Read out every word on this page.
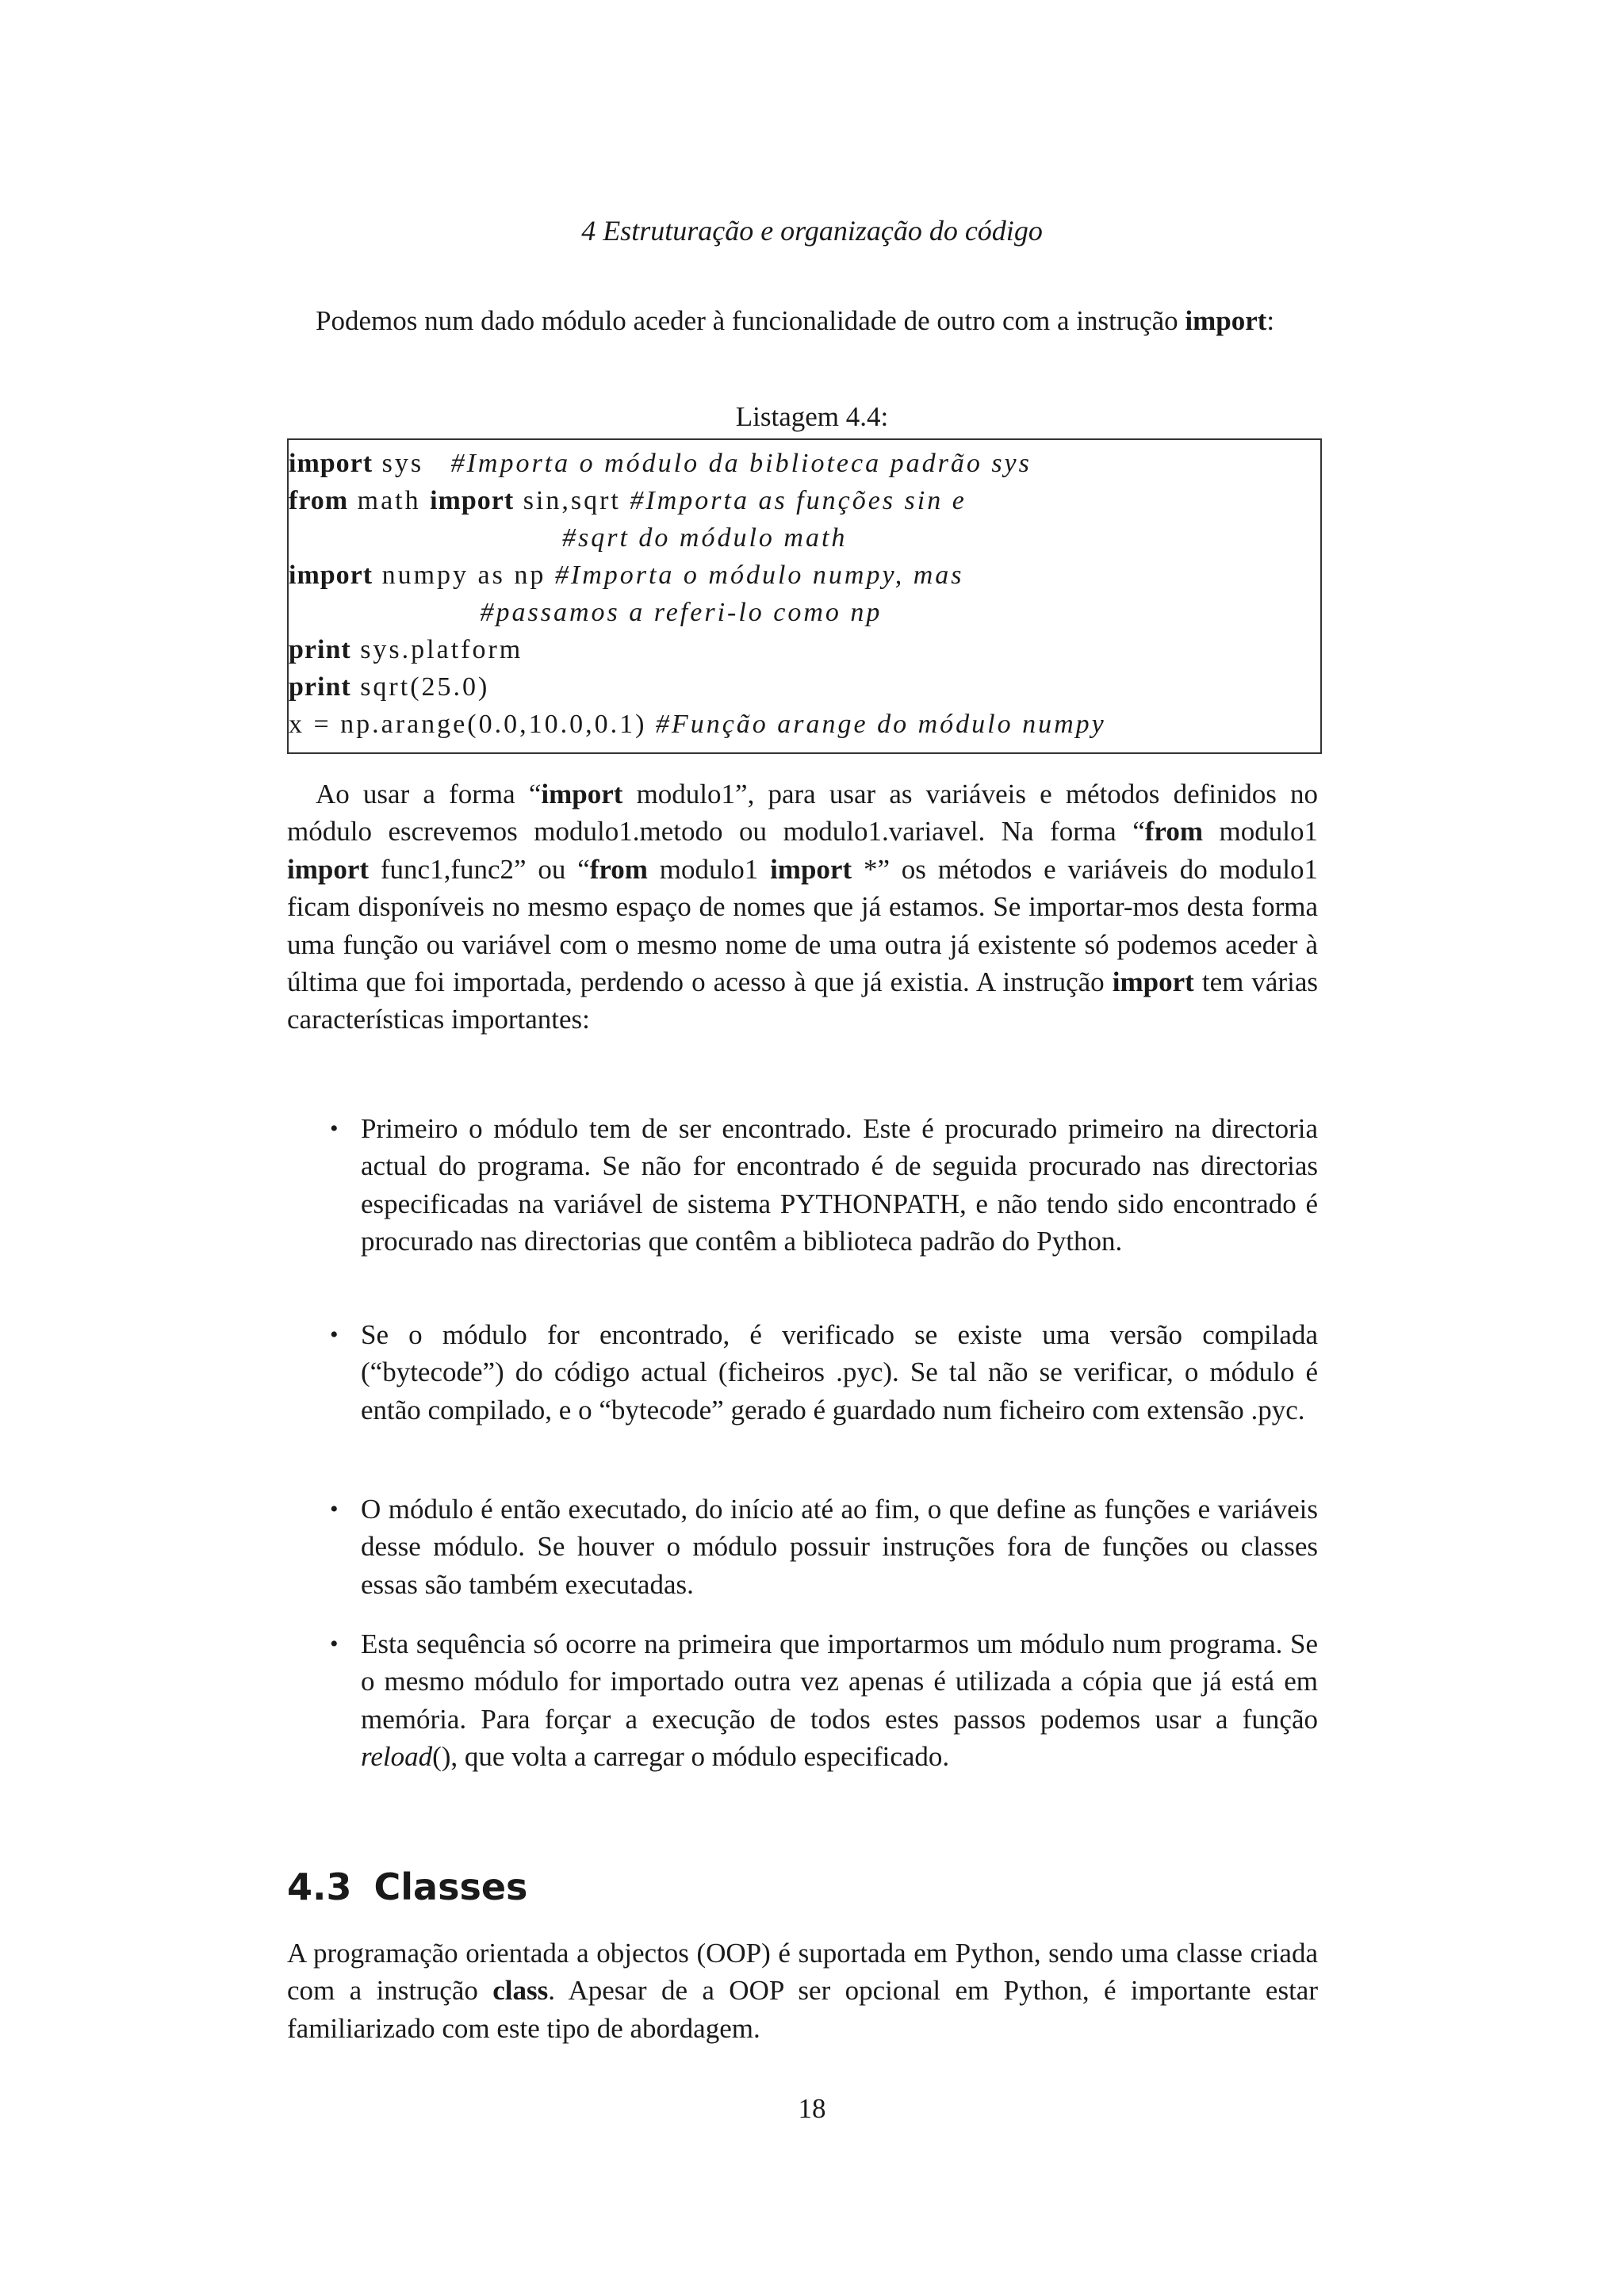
4 Estruturação e organização do código

Podemos num dado módulo aceder à funcionalidade de outro com a instrução import:

Listagem 4.4:
import sys   #Importa o módulo da biblioteca padrão sys
from math import sin,sqrt #Importa as funções sin e
#sqrt do módulo math
import numpy as np #Importa o módulo numpy, mas
#passamos a referi-lo como np
print sys.platform
print sqrt(25.0)
x = np.arange(0.0,10.0,0.1) #Função arange do módulo numpy

Ao usar a forma “import modulo1”, para usar as variáveis e métodos definidos no módulo escrevemos modulo1.metodo ou modulo1.variavel. Na forma “from modulo1 import func1,func2” ou “from modulo1 import *” os métodos e variáveis do modulo1 ficam disponíveis no mesmo espaço de nomes que já estamos. Se importar-mos desta forma uma função ou variável com o mesmo nome de uma outra já existente só podemos aceder à última que foi importada, perdendo o acesso à que já existia. A instrução import tem várias características importantes:

• Primeiro o módulo tem de ser encontrado. Este é procurado primeiro na directoria actual do programa. Se não for encontrado é de seguida procurado nas directorias especificadas na variável de sistema PYTHONPATH, e não tendo sido encontrado é procurado nas directorias que contêm a biblioteca padrão do Python.
• Se o módulo for encontrado, é verificado se existe uma versão compilada (“bytecode”) do código actual (ficheiros .pyc). Se tal não se verificar, o módulo é então compilado, e o “bytecode” gerado é guardado num ficheiro com extensão .pyc.
• O módulo é então executado, do início até ao fim, o que define as funções e variáveis desse módulo. Se houver o módulo possuir instruções fora de funções ou classes essas são também executadas.
• Esta sequência só ocorre na primeira que importarmos um módulo num programa. Se o mesmo módulo for importado outra vez apenas é utilizada a cópia que já está em memória. Para forçar a execução de todos estes passos podemos usar a função reload(), que volta a carregar o módulo especificado.
4.3 Classes

A programação orientada a objectos (OOP) é suportada em Python, sendo uma classe criada com a instrução class. Apesar de a OOP ser opcional em Python, é importante estar familiarizado com este tipo de abordagem.

18
